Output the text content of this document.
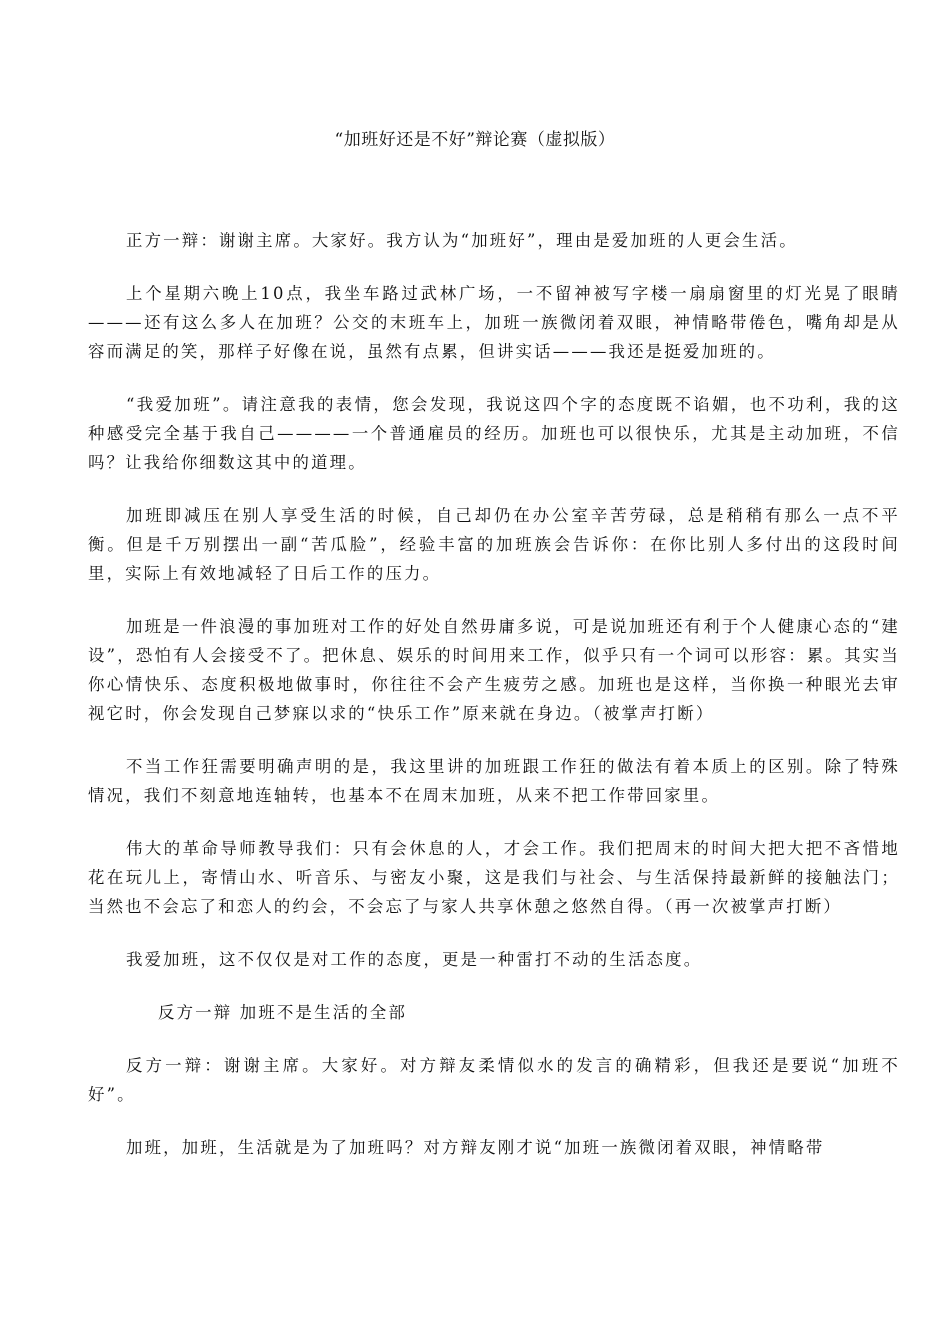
“加班好还是不好”辩论赛（虚拟版）

正方一辩：谢谢主席。大家好。我方认为“加班好”，理由是爱加班的人更会生活。

上个星期六晚上10点，我坐车路过武林广场，一不留神被写字楼一扇扇窗里的灯光晃了眼睛———还有这么多人在加班？公交的末班车上，加班一族微闭着双眼，神情略带倦色，嘴角却是从容而满足的笑，那样子好像在说，虽然有点累，但讲实话———我还是挺爱加班的。

“我爱加班”。请注意我的表情，您会发现，我说这四个字的态度既不谄媚，也不功利，我的这种感受完全基于我自己————一个普通雇员的经历。加班也可以很快乐，尤其是主动加班，不信吗？让我给你细数这其中的道理。

加班即减压在别人享受生活的时候，自己却仍在办公室辛苦劳碌，总是稍稍有那么一点不平衡。但是千万别摆出一副“苦瓜脸”，经验丰富的加班族会告诉你：在你比别人多付出的这段时间里，实际上有效地减轻了日后工作的压力。

加班是一件浪漫的事加班对工作的好处自然毋庸多说，可是说加班还有利于个人健康心态的“建设”，恐怕有人会接受不了。把休息、娱乐的时间用来工作，似乎只有一个词可以形容：累。其实当你心情快乐、态度积极地做事时，你往往不会产生疲劳之感。加班也是这样，当你换一种眼光去审视它时，你会发现自己梦寐以求的“快乐工作”原来就在身边。（被掌声打断）

不当工作狂需要明确声明的是，我这里讲的加班跟工作狂的做法有着本质上的区别。除了特殊情况，我们不刻意地连轴转，也基本不在周末加班，从来不把工作带回家里。

伟大的革命导师教导我们：只有会休息的人，才会工作。我们把周末的时间大把大把不吝惜地花在玩儿上，寄情山水、听音乐、与密友小聚，这是我们与社会、与生活保持最新鲜的接触法门；当然也不会忘了和恋人的约会，不会忘了与家人共享休憩之悠然自得。（再一次被掌声打断）

我爱加班，这不仅仅是对工作的态度，更是一种雷打不动的生活态度。

反方一辩 加班不是生活的全部

反方一辩：谢谢主席。大家好。对方辩友柔情似水的发言的确精彩，但我还是要说“加班不好”。

加班，加班，生活就是为了加班吗？对方辩友刚才说“加班一族微闭着双眼，神情略带
